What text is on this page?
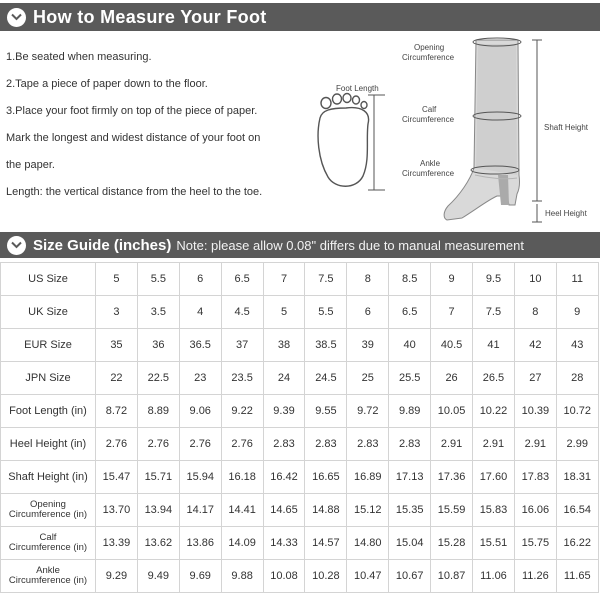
How to Measure Your Foot
1.Be seated when measuring.
2.Tape a piece of paper down to the floor.
3.Place your foot firmly on top of the piece of paper.
Mark the longest and widest distance of your foot on
the paper.
Length: the vertical distance from the heel to the toe.
Foot Length
Opening
Circumference
Calf
Circumference
Ankle
Circumference
Shaft Height
Heel Height
Size Guide (inches) Note: please allow 0.08" differs due to manual measurement
US Size	5	5.5	6	6.5	7	7.5	8	8.5	9	9.5	10	11
UK Size	3	3.5	4	4.5	5	5.5	6	6.5	7	7.5	8	9
EUR Size	35	36	36.5	37	38	38.5	39	40	40.5	41	42	43
JPN Size	22	22.5	23	23.5	24	24.5	25	25.5	26	26.5	27	28
Foot Length (in)	8.72	8.89	9.06	9.22	9.39	9.55	9.72	9.89	10.05	10.22	10.39	10.72
Heel Height (in)	2.76	2.76	2.76	2.76	2.83	2.83	2.83	2.83	2.91	2.91	2.91	2.99
Shaft Height (in)	15.47	15.71	15.94	16.18	16.42	16.65	16.89	17.13	17.36	17.60	17.83	18.31

Opening
Circumference (in)	13.70	13.94	14.17	14.41	14.65	14.88	15.12	15.35	15.59	15.83	16.06	16.54

Calf
Circumference (in)	13.39	13.62	13.86	14.09	14.33	14.57	14.80	15.04	15.28	15.51	15.75	16.22

Ankle
Circumference (in)	9.29	9.49	9.69	9.88	10.08	10.28	10.47	10.67	10.87	11.06	11.26	11.65
